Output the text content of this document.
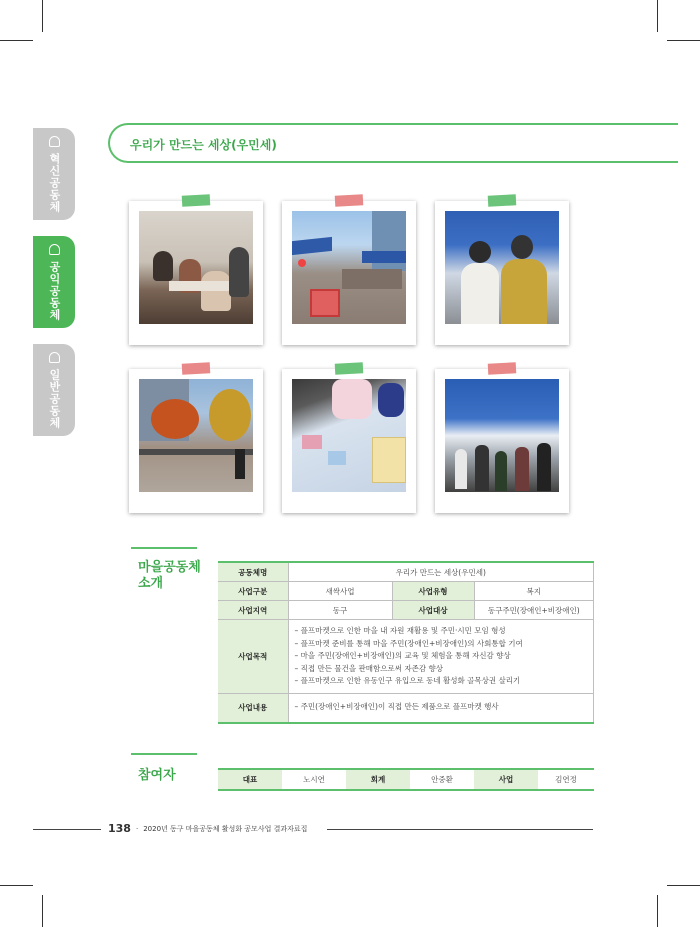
혁신공동체
공익공동체
일반공동체
우리가 만드는 세상(우민세)
마을공동체
소개
공동체명	우리가 만드는 세상(우민세)		
사업구분	새싹사업	사업유형	복지
사업지역	동구	사업대상	동구주민(장애인+비장애인)
사업목적	– 플프마켓으로 인한 마을 내 자원 재활용 및 주민·시민 모임 형성
– 플프마켓 준비를 통해 마을 주민(장애인+비장애인)의 사회통합 기여
– 마을 주민(장애인+비장애인)의 교육 및 체험을 통해 자신감 향상
– 직접 만든 물건을 판매함으로써 자존감 향상
– 플프마켓으로 인한 유동인구 유입으로 동네 활성화 골목상권 살리기		

사업내용	– 주민(장애인+비장애인)이 직접 만든 제품으로 플프마켓 행사		
참여자	대표	노시연	회계	안중환	사업	김연정
138 · 2020년 동구 마을공동체 활성화 공모사업 결과자료집
